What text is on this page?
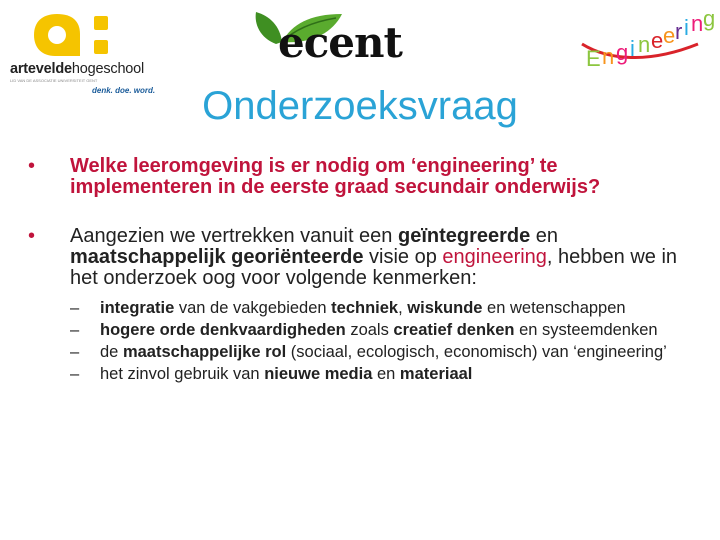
arteveldehogeschool
LID VAN DE ASSOCIATIE UNIVERSITEIT GENT
denk. doe. word.
ecent	E n g i n e e r i n g
Onderzoeksvraag
• Welke leeromgeving is er nodig om ‘engineering’ te implementeren in de eerste graad secundair onderwijs?
• Aangezien we vertrekken vanuit een geïntegreerde en maatschappelijk georiënteerde visie op engineering, hebben we in het onderzoek oog voor volgende kenmerken:
– integratie van de vakgebieden techniek, wiskunde en wetenschappen
– hogere orde denkvaardigheden zoals creatief denken en systeemdenken
– de maatschappelijke rol (sociaal, ecologisch, economisch) van ‘engineering’
– het zinvol gebruik van nieuwe media en materiaal
